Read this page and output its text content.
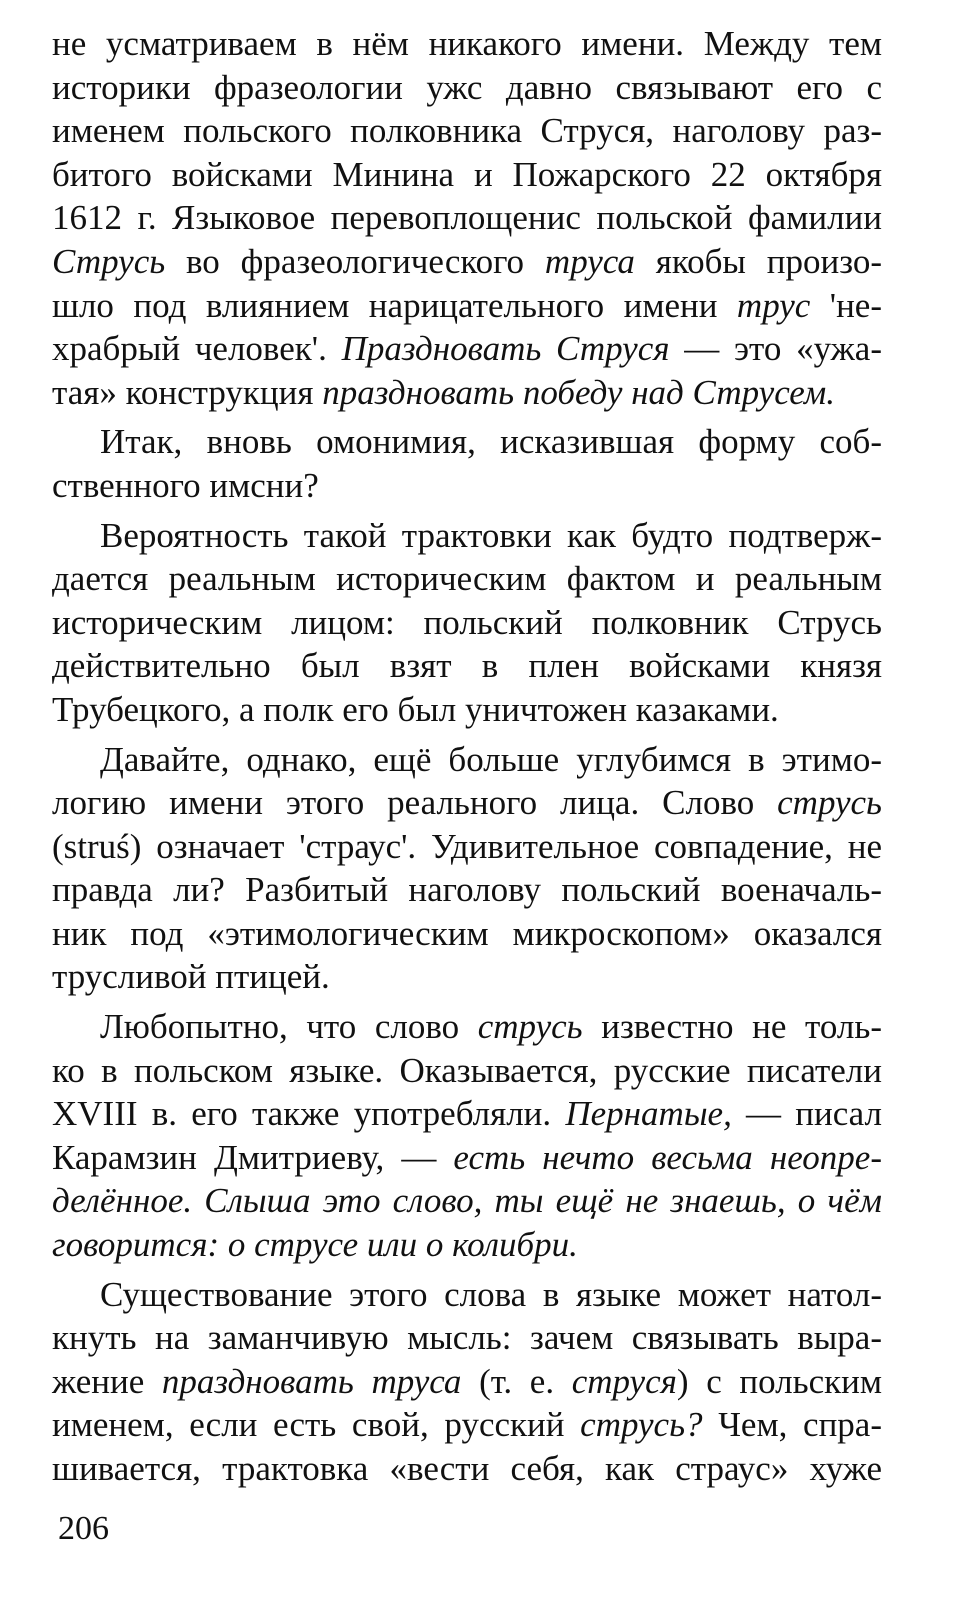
не усматриваем в нём никакого имени. Между тем
историки фразеологии ужс давно связывают его с
именем польского полковника Струся, наголову раз-
битого войсками Минина и Пожарского 22 октября
1612 г. Языковое перевоплощенис польской фамилии
Струсь во фразеологического труса якобы произо-
шло под влиянием нарицательного имени трус 'не-
храбрый человек'. Праздновать Струся — это «ужа-
тая» конструкция праздновать победу над Струсем.
Итак, вновь омонимия, исказившая форму соб-
ственного имсни?
Вероятность такой трактовки как будто подтверж-
дается реальным историческим фактом и реальным
историческим лицом: польский полковник Струсь
действительно был взят в плен войсками князя
Трубецкого, а полк его был уничтожен казаками.
Давайте, однако, ещё больше углубимся в этимо-
логию имени этого реального лица. Слово струсь
(struś) означает 'страус'. Удивительное совпадение, не
правда ли? Разбитый наголову польский военачаль-
ник под «этимологическим микроскопом» оказался
трусливой птицей.
Любопытно, что слово струсь известно не толь-
ко в польском языке. Оказывается, русские писатели
XVIII в. его также употребляли. Пернатые, — писал
Карамзин Дмитриеву, — есть нечто весьма неопре-
делённое. Слыша это слово, ты ещё не знаешь, о чём
говорится: о струсе или о колибри.
Существование этого слова в языке может натол-
кнуть на заманчивую мысль: зачем связывать выра-
жение праздновать труса (т. е. струся) с польским
именем, если есть свой, русский струсь? Чем, спра-
шивается, трактовка «вести себя, как страус» хуже
206
